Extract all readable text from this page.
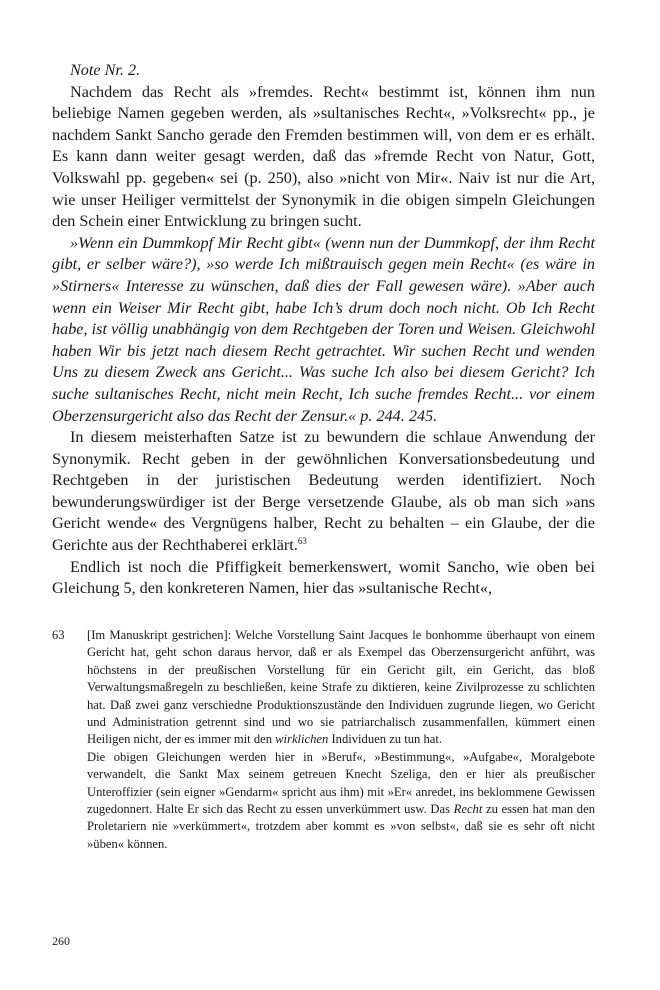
Note Nr. 2.

Nachdem das Recht als »fremdes. Recht« bestimmt ist, können ihm nun beliebige Namen gegeben werden, als »sultanisches Recht«, »Volksrecht« pp., je nachdem Sankt Sancho gerade den Fremden bestimmen will, von dem er es erhält. Es kann dann weiter gesagt werden, daß das »fremde Recht von Natur, Gott, Volkswahl pp. gegeben« sei (p. 250), also »nicht von Mir«. Naiv ist nur die Art, wie unser Heiliger vermittelst der Synonymik in die obigen simpeln Gleichungen den Schein einer Entwicklung zu bringen sucht.

»Wenn ein Dummkopf Mir Recht gibt« (wenn nun der Dummkopf, der ihm Recht gibt, er selber wäre?), »so werde Ich mißtrauisch gegen mein Recht« (es wäre in »Stirners« Interesse zu wünschen, daß dies der Fall gewesen wäre). »Aber auch wenn ein Weiser Mir Recht gibt, habe Ich’s drum doch noch nicht. Ob Ich Recht habe, ist völlig unabhängig von dem Rechtgeben der Toren und Weisen. Gleichwohl haben Wir bis jetzt nach diesem Recht getrachtet. Wir suchen Recht und wenden Uns zu diesem Zweck ans Gericht... Was suche Ich also bei diesem Gericht? Ich suche sultanisches Recht, nicht mein Recht, Ich suche fremdes Recht... vor einem Oberzensurgericht also das Recht der Zensur.« p. 244. 245.

In diesem meisterhaften Satze ist zu bewundern die schlaue Anwendung der Synonymik. Recht geben in der gewöhnlichen Konversationsbedeutung und Rechtgeben in der juristischen Bedeutung werden identifiziert. Noch bewunderungswürdiger ist der Berge versetzende Glaube, als ob man sich »ans Gericht wende« des Vergnügens halber, Recht zu behalten – ein Glaube, der die Gerichte aus der Rechthaberei erklärt.$^{63}$

Endlich ist noch die Pfiffigkeit bemerkenswert, womit Sancho, wie oben bei Gleichung 5, den konkreteren Namen, hier das »sultanische Recht«,

63	[Im Manuskript gestrichen]: Welche Vorstellung Saint Jacques le bonhomme überhaupt von einem Gericht hat, geht schon daraus hervor, daß er als Exempel das Oberzensurgericht anführt, was höchstens in der preußischen Vorstellung für ein Gericht gilt, ein Gericht, das bloß Verwaltungsmaßregeln zu beschließen, keine Strafe zu diktieren, keine Zivilprozesse zu schlichten hat. Daß zwei ganz verschiedne Produktionszustände den Individuen zugrunde liegen, wo Gericht und Administration getrennt sind und wo sie patriarchalisch zusammenfallen, kümmert einen Heiligen nicht, der es immer mit den wirklichen Individuen zu tun hat.

Die obigen Gleichungen werden hier in »Beruf«, »Bestimmung«, »Aufgabe«, Moralgebote verwandelt, die Sankt Max seinem getreuen Knecht Szeliga, den er hier als preußischer Unteroffizier (sein eigner »Gendarm« spricht aus ihm) mit »Er« anredet, ins beklommene Gewissen zugedonnert. Halte Er sich das Recht zu essen unverkümmert usw. Das Recht zu essen hat man den Proletariern nie »verkümmert«, trotzdem aber kommt es »von selbst«, daß sie es sehr oft nicht »üben« können.

260
